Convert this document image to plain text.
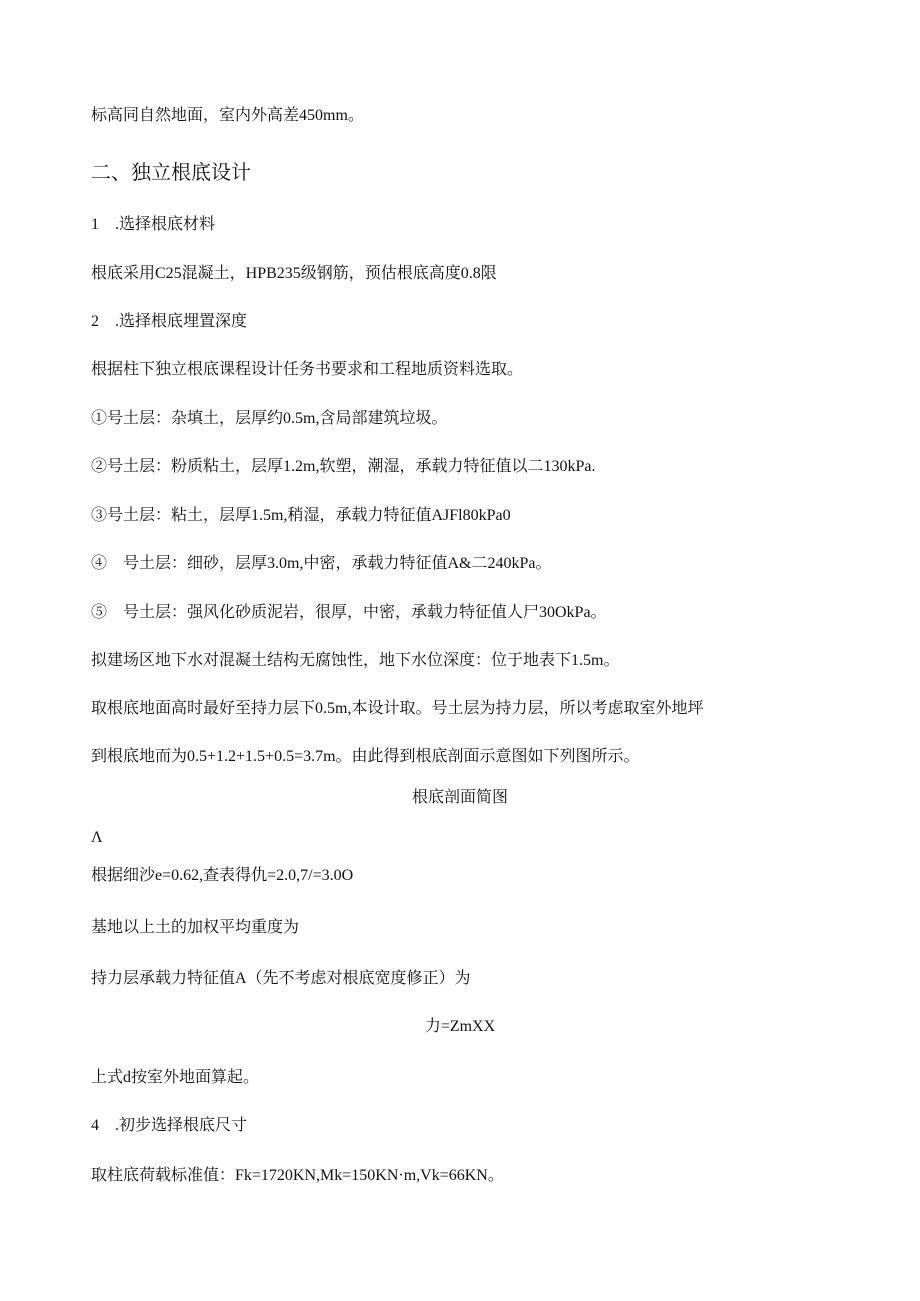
标高同自然地面，室内外高差450mm。
二、独立根底设计
1　.选择根底材料
根底采用C25混凝土，HPB235级钢筋，预估根底高度0.8限
2　.选择根底埋置深度
根据柱下独立根底课程设计任务书要求和工程地质资料选取。
①号土层：杂填土，层厚约0.5m,含局部建筑垃圾。
②号土层：粉质粘土，层厚1.2m,软塑，潮湿，承载力特征值以二130kPa.
③号土层：粘土，层厚1.5m,稍湿，承载力特征值AJFl80kPa0
④　号土层：细砂，层厚3.0m,中密，承载力特征值A&二240kPa。
⑤　号土层：强风化砂质泥岩，很厚，中密，承载力特征值人尸30OkPa。
拟建场区地下水对混凝土结构无腐蚀性，地下水位深度：位于地表下1.5m。
取根底地面高时最好至持力层下0.5m,本设计取。号土层为持力层，所以考虑取室外地坪
到根底地而为0.5+1.2+1.5+0.5=3.7m。由此得到根底剖面示意图如下列图所示。
根底剖面简图
Λ
根据细沙e=0.62,查表得仇=2.0,7/=3.0O
基地以上土的加权平均重度为
持力层承载力特征值A（先不考虑对根底宽度修正）为
力=ZmXX
上式d按室外地面算起。
4　.初步选择根底尺寸
取柱底荷载标准值：Fk=1720KN,Mk=150KN·m,Vk=66KN。
